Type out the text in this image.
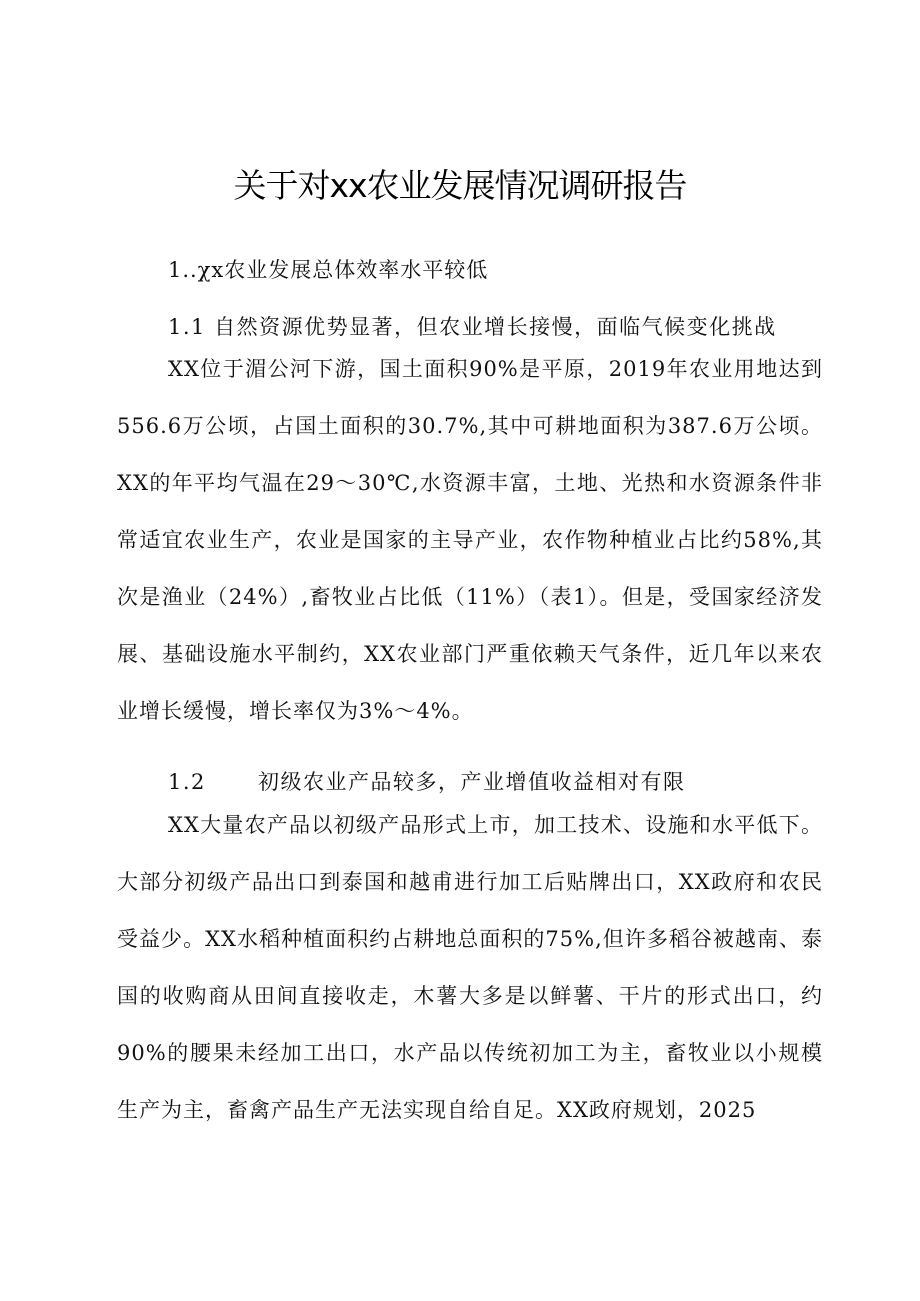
关于对xx农业发展情况调研报告
1..χx农业发展总体效率水平较低
1.1 自然资源优势显著，但农业增长接慢，面临气候变化挑战

XX位于湄公河下游，国土面积90%是平原，2019年农业用地达到556.6万公顷，占国土面积的30.7%,其中可耕地面积为387.6万公顷。XX的年平均气温在29〜30℃,水资源丰富，土地、光热和水资源条件非常适宜农业生产，农业是国家的主导产业，农作物种植业占比约58%,其次是渔业（24%）,畜牧业占比低（11%）（表1）。但是，受国家经济发展、基础设施水平制约，XX农业部门严重依赖天气条件，近几年以来农业增长缓慢，增长率仅为3%〜4%。

1.2 初级农业产品较多，产业增值收益相对有限

XX大量农产品以初级产品形式上市，加工技术、设施和水平低下。大部分初级产品出口到泰国和越甫进行加工后贴牌出口，XX政府和农民受益少。XX水稻种植面积约占耕地总面积的75%,但许多稻谷被越南、泰国的收购商从田间直接收走，木薯大多是以鲜薯、干片的形式出口，约90%的腰果未经加工出口，水产品以传统初加工为主，畜牧业以小规模生产为主，畜禽产品生产无法实现自给自足。XX政府规划，2025
